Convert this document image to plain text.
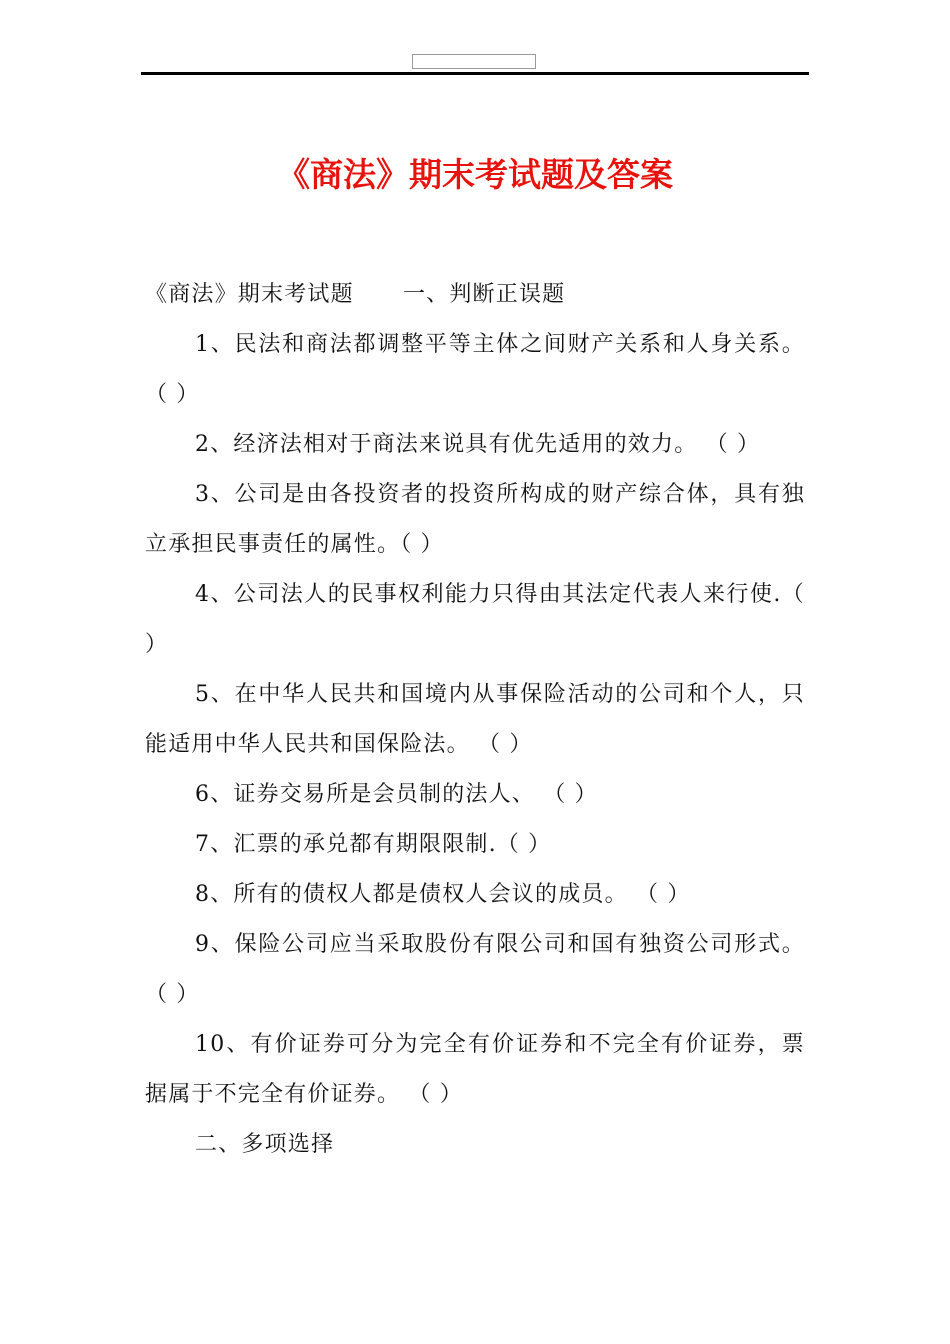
《商法》期末考试题及答案

《商法》期末考试题      一、判断正误题

1、民法和商法都调整平等主体之间财产关系和人身关系。 （ ）

2、经济法相对于商法来说具有优先适用的效力。 （ ）

3、公司是由各投资者的投资所构成的财产综合体，具有独立承担民事责任的属性。（ ）

4、公司法人的民事权利能力只得由其法定代表人来行使.（ ）

5、在中华人民共和国境内从事保险活动的公司和个人，只能适用中华人民共和国保险法。 （ ）

6、证券交易所是会员制的法人、 （ ）

7、汇票的承兑都有期限限制.（ ）

8、所有的债权人都是债权人会议的成员。 （ ）

9、保险公司应当采取股份有限公司和国有独资公司形式。 （ ）

10、有价证券可分为完全有价证券和不完全有价证券，票据属于不完全有价证券。 （ ）

二、多项选择
